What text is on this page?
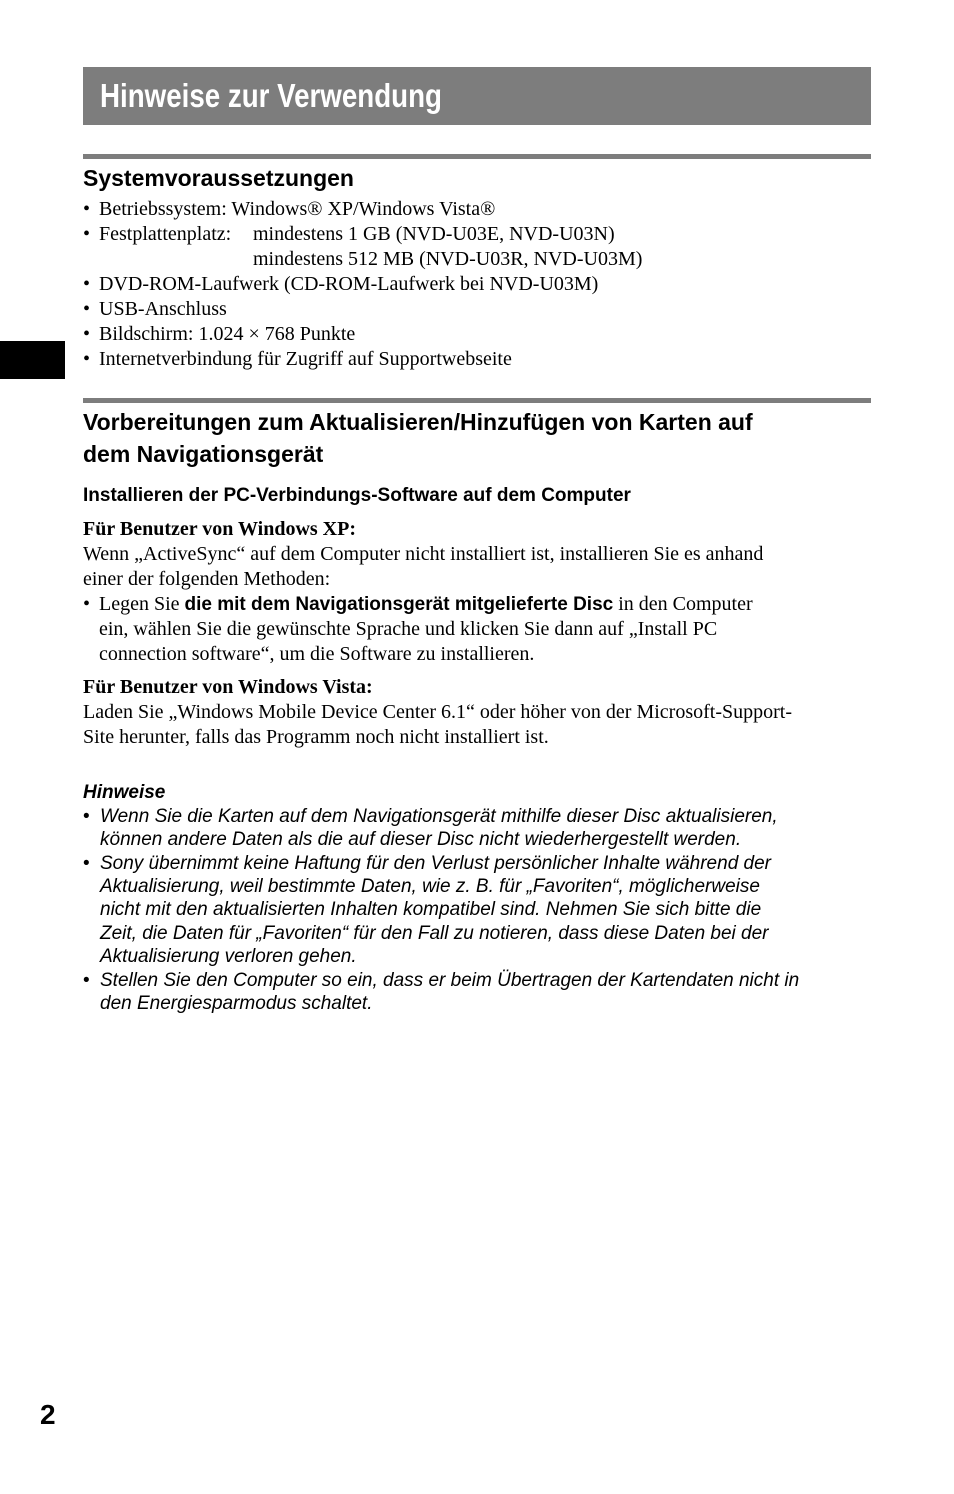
Hinweise zur Verwendung
Systemvoraussetzungen
• Betriebssystem: Windows® XP/Windows Vista®
• Festplattenplatz: mindestens 1 GB (NVD-U03E, NVD-U03N)
mindestens 512 MB (NVD-U03R, NVD-U03M)
• DVD-ROM-Laufwerk (CD-ROM-Laufwerk bei NVD-U03M)
• USB-Anschluss
• Bildschirm: 1.024 × 768 Punkte
• Internetverbindung für Zugriff auf Supportwebseite
Vorbereitungen zum Aktualisieren/Hinzufügen von Karten auf
dem Navigationsgerät
Installieren der PC-Verbindungs-Software auf dem Computer
Für Benutzer von Windows XP:
Wenn „ActiveSync“ auf dem Computer nicht installiert ist, installieren Sie es anhand
einer der folgenden Methoden:
• Legen Sie die mit dem Navigationsgerät mitgelieferte Disc in den Computer
ein, wählen Sie die gewünschte Sprache und klicken Sie dann auf „Install PC
connection software“, um die Software zu installieren.
Für Benutzer von Windows Vista:
Laden Sie „Windows Mobile Device Center 6.1“ oder höher von der Microsoft-Support-
Site herunter, falls das Programm noch nicht installiert ist.
Hinweise
• Wenn Sie die Karten auf dem Navigationsgerät mithilfe dieser Disc aktualisieren,
können andere Daten als die auf dieser Disc nicht wiederhergestellt werden.
• Sony übernimmt keine Haftung für den Verlust persönlicher Inhalte während der
Aktualisierung, weil bestimmte Daten, wie z. B. für „Favoriten“, möglicherweise
nicht mit den aktualisierten Inhalten kompatibel sind. Nehmen Sie sich bitte die
Zeit, die Daten für „Favoriten“ für den Fall zu notieren, dass diese Daten bei der
Aktualisierung verloren gehen.
• Stellen Sie den Computer so ein, dass er beim Übertragen der Kartendaten nicht in
den Energiesparmodus schaltet.
2
